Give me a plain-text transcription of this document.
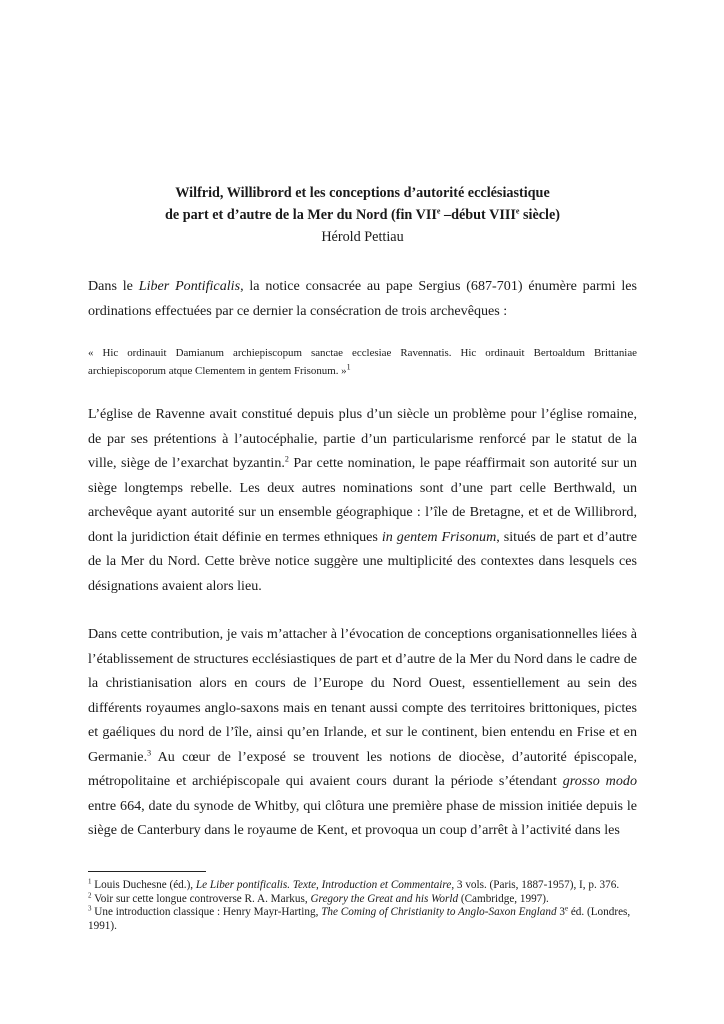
Wilfrid, Willibrord et les conceptions d’autorité ecclésiastique

de part et d’autre de la Mer du Nord (fin VIIe –début VIIIe siècle)

Hérold Pettiau

Dans le Liber Pontificalis, la notice consacrée au pape Sergius (687-701) énumère parmi les ordinations effectuées par ce dernier la consécration de trois archevêques :

« Hic ordinauit Damianum archiepiscopum sanctae ecclesiae Ravennatis. Hic ordinauit Bertoaldum Brittaniae archiepiscoporum atque Clementem in gentem Frisonum. »$^1$

L’église de Ravenne avait constitué depuis plus d’un siècle un problème pour l’église romaine, de par ses prétentions à l’autocéphalie, partie d’un particularisme renforcé par le statut de la ville, siège de l’exarchat byzantin.$^2$ Par cette nomination, le pape réaffirmait son autorité sur un siège longtemps rebelle. Les deux autres nominations sont d’une part celle Berthwald, un archevêque ayant autorité sur un ensemble géographique : l’île de Bretagne, et et de Willibrord, dont la juridiction était définie en termes ethniques in gentem Frisonum, situés de part et d’autre de la Mer du Nord. Cette brève notice suggère une multiplicité des contextes dans lesquels ces désignations avaient alors lieu.

Dans cette contribution, je vais m’attacher à l’évocation de conceptions organisationnelles liées à l’établissement de structures ecclésiastiques de part et d’autre de la Mer du Nord dans le cadre de la christianisation alors en cours de l’Europe du Nord Ouest, essentiellement au sein des différents royaumes anglo-saxons mais en tenant aussi compte des territoires brittoniques, pictes et gaéliques du nord de l’île, ainsi qu’en Irlande, et sur le continent, bien entendu en Frise et en Germanie.$^3$ Au cœur de l’exposé se trouvent les notions de diocèse, d’autorité épiscopale, métropolitaine et archiépiscopale qui avaient cours durant la période s’étendant grosso modo entre 664, date du synode de Whitby, qui clôtura une première phase de mission initiée depuis le siège de Canterbury dans le royaume de Kent, et provoqua un coup d’arrêt à l’activité dans les

$^1$ Louis Duchesne (éd.), Le Liber pontificalis. Texte, Introduction et Commentaire, 3 vols. (Paris, 1887-1957), I, p. 376.

$^2$ Voir sur cette longue controverse R. A. Markus, Gregory the Great and his World (Cambridge, 1997).

$^3$ Une introduction classique : Henry Mayr-Harting, The Coming of Christianity to Anglo-Saxon England 3e éd. (Londres, 1991).
